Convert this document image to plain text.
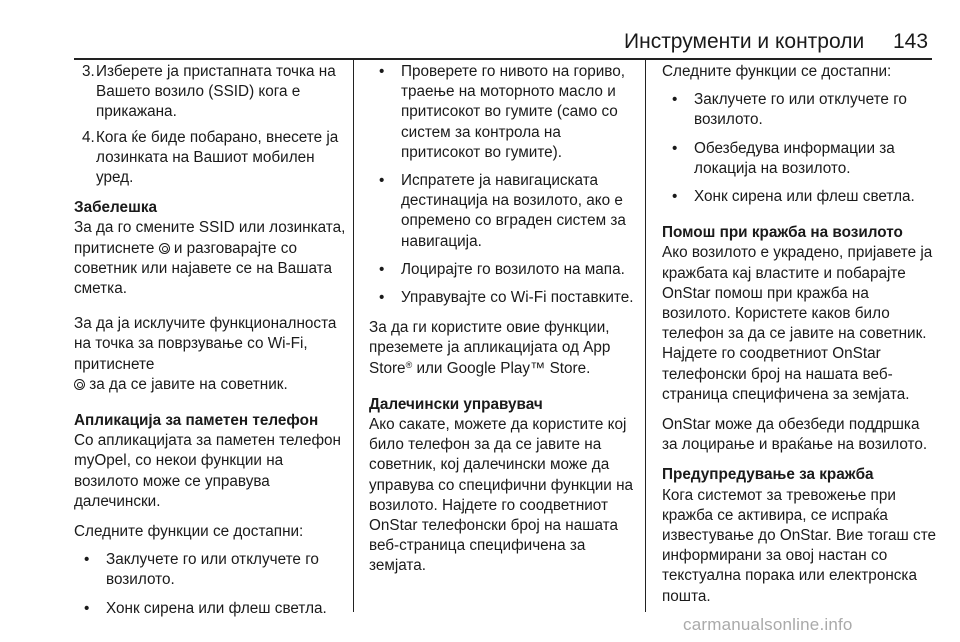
Инструменти и контроли 143

3. Изберете ја пристапната точка на Вашето возило (SSID) кога е прикажана.

4. Кога ќе биде побарано, внесете ја лозинката на Вашиот мобилен уред.

Забелешка

За да го смените SSID или лозинката, притиснете и разговарајте со советник или најавете се на Вашата сметка.

За да ја исклучите функционалноста на точка за поврзување со Wi-Fi, притиснете
за да се јавите на советник.

Апликација за паметен телефон

Со апликацијата за паметен телефон myOpel, со некои функции на возилото може се управува далечински.

Следните функции се достапни:

• Заклучете го или отклучете го возилото.

• Хонк сирена или флеш светла.

• Проверете го нивото на гориво, траење на моторното масло и притисокот во гумите (само со систем за контрола на притисокот во гумите).

• Испратете ја навигациската дестинација на возилото, ако е опремено со вграден систем за навигација.

• Лоцирајте го возилото на мапа.

• Управувајте со Wi-Fi поставките.

За да ги користите овие функции, преземете ја апликацијата од App Store® или Google Play™ Store.

Далечински управувач

Ако сакате, можете да користите кој било телефон за да се јавите на советник, кој далечински може да управува со специфични функции на возилото. Најдете го соодветниот OnStar телефонски број на нашата веб-страница специфичена за земјата.

Следните функции се достапни:

• Заклучете го или отклучете го возилото.

• Обезбедува информации за локација на возилото.

• Хонк сирена или флеш светла.

Помош при кражба на возилото

Ако возилото е украдено, пријавете ја кражбата кај властите и побарајте OnStar помош при кражба на возилото. Користете каков било телефон за да се јавите на советник. Најдете го соодветниот OnStar телефонски број на нашата веб-страница специфичена за земјата.

OnStar може да обезбеди поддршка за лоцирање и враќање на возилото.

Предупредување за кражба

Кога системот за тревожење при кражба се активира, се испраќа известување до OnStar. Вие тогаш сте информирани за овој настан со текстуална порака или електронска пошта.

carmanualsonline.info
